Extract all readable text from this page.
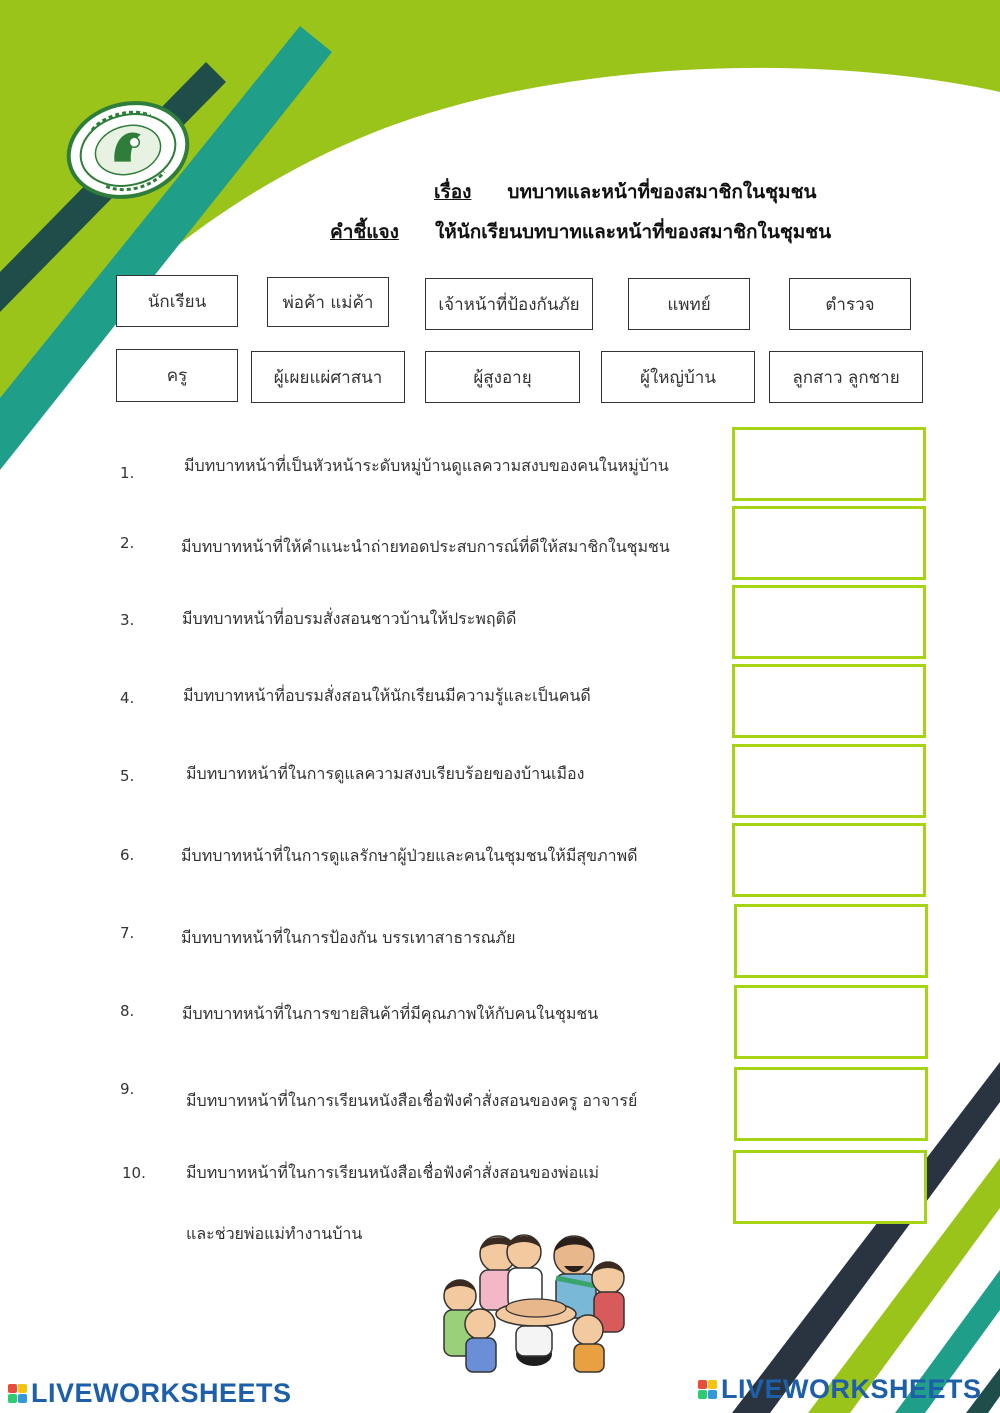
เรื่อง บทบาทและหน้าที่ของสมาชิกในชุมชน
คำชี้แจง ให้นักเรียนบทบาทและหน้าที่ของสมาชิกในชุมชน
นักเรียน	พ่อค้า แม่ค้า	เจ้าหน้าที่ป้องกันภัย	แพทย์	ตำรวจ
ครู	ผู้เผยแผ่ศาสนา	ผู้สูงอายุ	ผู้ใหญ่บ้าน	ลูกสาว ลูกชาย
1.	มีบทบาทหน้าที่เป็นหัวหน้าระดับหมู่บ้านดูแลความสงบของคนในหมู่บ้าน
2.	มีบทบาทหน้าที่ให้คำแนะนำถ่ายทอดประสบการณ์ที่ดีให้สมาชิกในชุมชน
3.	มีบทบาทหน้าที่อบรมสั่งสอนชาวบ้านให้ประพฤติดี
4.	มีบทบาทหน้าที่อบรมสั่งสอนให้นักเรียนมีความรู้และเป็นคนดี
5.	มีบทบาทหน้าที่ในการดูแลความสงบเรียบร้อยของบ้านเมือง
6.	มีบทบาทหน้าที่ในการดูแลรักษาผู้ป่วยและคนในชุมชนให้มีสุขภาพดี
7.	มีบทบาทหน้าที่ในการป้องกัน บรรเทาสาธารณภัย
8.	มีบทบาทหน้าที่ในการขายสินค้าที่มีคุณภาพให้กับคนในชุมชน
9.
มีบทบาทหน้าที่ในการเรียนหนังสือเชื่อฟังคำสั่งสอนของครู อาจารย์
10.	มีบทบาทหน้าที่ในการเรียนหนังสือเชื่อฟังคำสั่งสอนของพ่อแม่
และช่วยพ่อแม่ทำงานบ้าน
LIVEWORKSHEETS	LIVEWORKSHEETS
